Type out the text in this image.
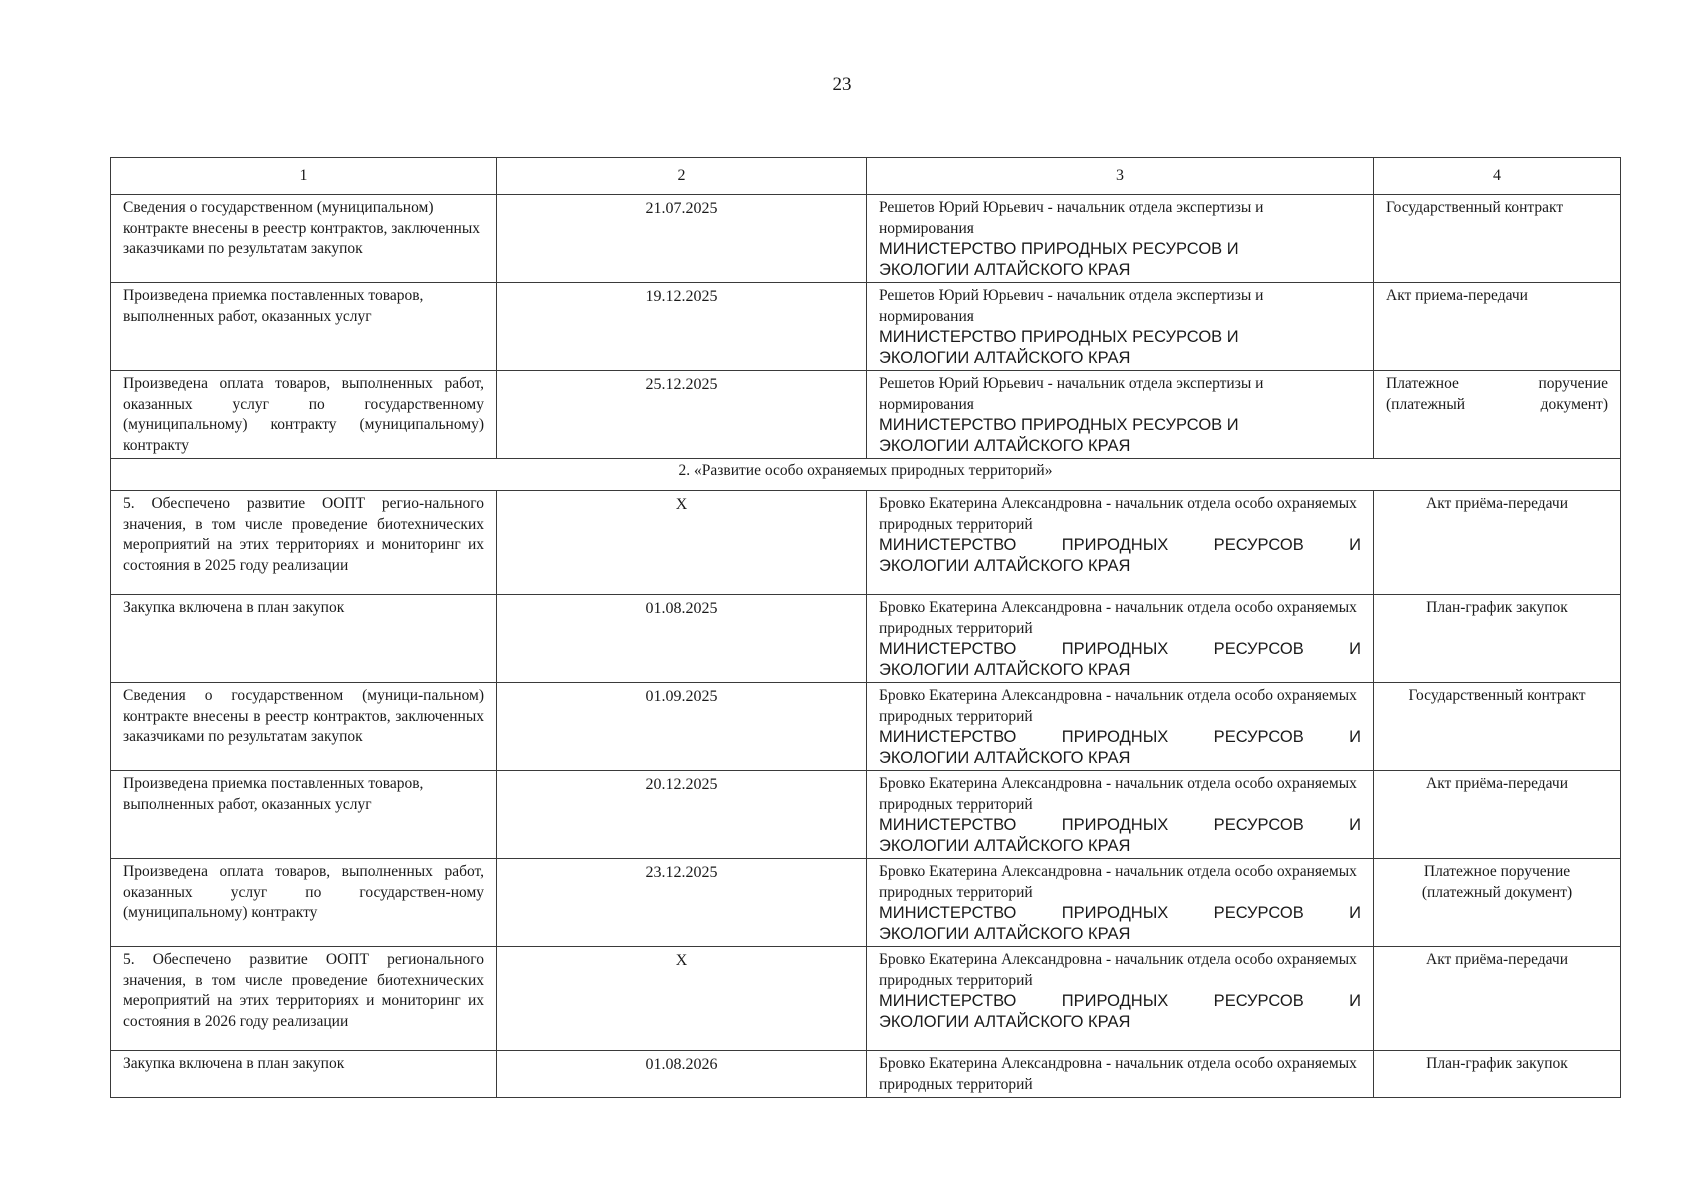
23
1	2	3	4
Сведения о государственном (муниципальном) контракте внесены в реестр контрактов, заключенных заказчиками по результатам закупок	21.07.2025	Решетов Юрий Юрьевич - начальник отдела экспертизы и нормирования
МИНИСТЕРСТВО ПРИРОДНЫХ РЕСУРСОВ И
ЭКОЛОГИИ АЛТАЙСКОГО КРАЯ	Государственный контракт
Произведена приемка поставленных товаров, выполненных работ, оказанных услуг	19.12.2025	Решетов Юрий Юрьевич - начальник отдела экспертизы и нормирования
МИНИСТЕРСТВО ПРИРОДНЫХ РЕСУРСОВ И
ЭКОЛОГИИ АЛТАЙСКОГО КРАЯ	Акт приема-передачи
Произведена оплата товаров, выполненных работ, оказанных услуг по государственному (муниципальному) контракту (муниципальному) контракту	25.12.2025	Решетов Юрий Юрьевич - начальник отдела экспертизы и нормирования
МИНИСТЕРСТВО ПРИРОДНЫХ РЕСУРСОВ И
ЭКОЛОГИИ АЛТАЙСКОГО КРАЯ	Платежное поручение (платежный документ)
2. «Развитие особо охраняемых природных территорий»			
5. Обеспечено развитие ООПТ регио-нального значения, в том числе проведение биотехнических мероприятий на этих территориях и мониторинг их состояния в 2025 году реализации	X	Бровко Екатерина Александровна - начальник отдела особо охраняемых природных территорий
МИНИСТЕРСТВО ПРИРОДНЫХ РЕСУРСОВ И
ЭКОЛОГИИ АЛТАЙСКОГО КРАЯ	Акт приёма-передачи
Закупка включена в план закупок	01.08.2025	Бровко Екатерина Александровна - начальник отдела особо охраняемых природных территорий
МИНИСТЕРСТВО ПРИРОДНЫХ РЕСУРСОВ И
ЭКОЛОГИИ АЛТАЙСКОГО КРАЯ	План-график закупок
Сведения о государственном (муници-пальном) контракте внесены в реестр контрактов, заключенных заказчиками по результатам закупок	01.09.2025	Бровко Екатерина Александровна - начальник отдела особо охраняемых природных территорий
МИНИСТЕРСТВО ПРИРОДНЫХ РЕСУРСОВ И
ЭКОЛОГИИ АЛТАЙСКОГО КРАЯ	Государственный контракт
Произведена приемка поставленных товаров, выполненных работ, оказанных услуг	20.12.2025	Бровко Екатерина Александровна - начальник отдела особо охраняемых природных территорий
МИНИСТЕРСТВО ПРИРОДНЫХ РЕСУРСОВ И
ЭКОЛОГИИ АЛТАЙСКОГО КРАЯ	Акт приёма-передачи
Произведена оплата товаров, выполненных работ, оказанных услуг по государствен-ному (муниципальному) контракту	23.12.2025	Бровко Екатерина Александровна - начальник отдела особо охраняемых природных территорий
МИНИСТЕРСТВО ПРИРОДНЫХ РЕСУРСОВ И
ЭКОЛОГИИ АЛТАЙСКОГО КРАЯ	Платежное поручение (платежный документ)
5. Обеспечено развитие ООПТ регионального значения, в том числе проведение биотехнических мероприятий на этих территориях и мониторинг их состояния в 2026 году реализации	X	Бровко Екатерина Александровна - начальник отдела особо охраняемых природных территорий
МИНИСТЕРСТВО ПРИРОДНЫХ РЕСУРСОВ И
ЭКОЛОГИИ АЛТАЙСКОГО КРАЯ	Акт приёма-передачи
Закупка включена в план закупок	01.08.2026	Бровко Екатерина Александровна - начальник отдела особо охраняемых природных территорий	План-график закупок
